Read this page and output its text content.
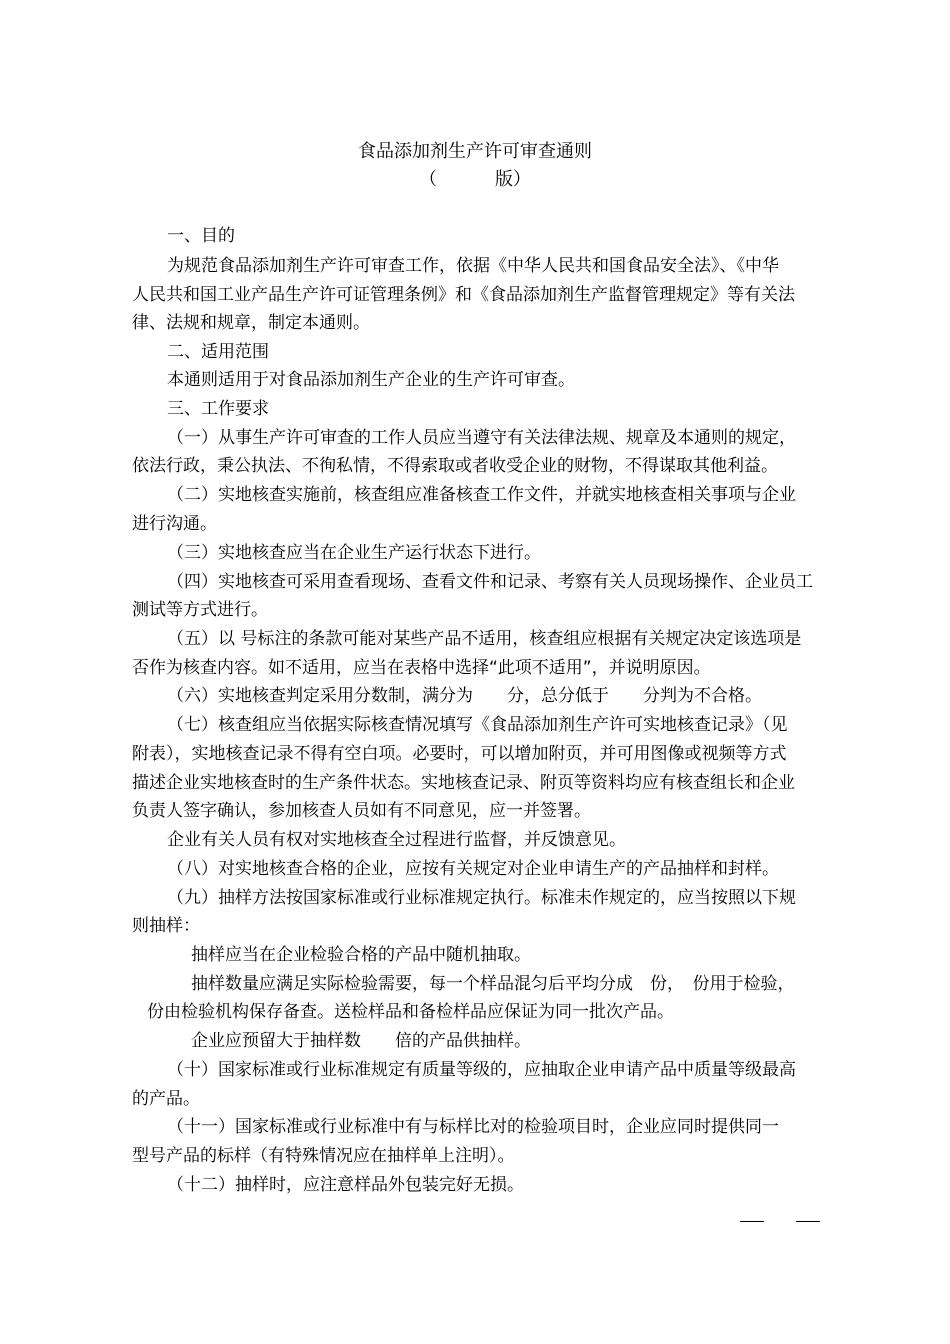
食品添加剂生产许可审查通则
（	版）
一、目的
为规范食品添加剂生产许可审查工作，依据《中华人民共和国食品安全法》、《中华
人民共和国工业产品生产许可证管理条例》和《食品添加剂生产监督管理规定》等有关法
律、法规和规章，制定本通则。
二、适用范围
本通则适用于对食品添加剂生产企业的生产许可审查。
三、工作要求
（一）从事生产许可审查的工作人员应当遵守有关法律法规、规章及本通则的规定，
依法行政，秉公执法、不徇私情，不得索取或者收受企业的财物，不得谋取其他利益。
（二）实地核查实施前，核查组应准备核查工作文件，并就实地核查相关事项与企业
进行沟通。
（三）实地核查应当在企业生产运行状态下进行。
（四）实地核查可采用查看现场、查看文件和记录、考察有关人员现场操作、企业员工
测试等方式进行。
（五）以 号标注的条款可能对某些产品不适用，核查组应根据有关规定决定该选项是
否作为核查内容。如不适用，应当在表格中选择“此项不适用”，并说明原因。
（六）实地核查判定采用分数制，满分为　　分，总分低于　　分判为不合格。
（七）核查组应当依据实际核查情况填写《食品添加剂生产许可实地核查记录》（见
附表），实地核查记录不得有空白项。必要时，可以增加附页，并可用图像或视频等方式
描述企业实地核查时的生产条件状态。实地核查记录、附页等资料均应有核查组长和企业
负责人签字确认，参加核查人员如有不同意见，应一并签署。
企业有关人员有权对实地核查全过程进行监督，并反馈意见。
（八）对实地核查合格的企业，应按有关规定对企业申请生产的产品抽样和封样。
（九）抽样方法按国家标准或行业标准规定执行。标准未作规定的，应当按照以下规
则抽样：
抽样应当在企业检验合格的产品中随机抽取。
抽样数量应满足实际检验需要，每一个样品混匀后平均分成　份，　份用于检验，
份由检验机构保存备查。送检样品和备检样品应保证为同一批次产品。
企业应预留大于抽样数　　倍的产品供抽样。
（十）国家标准或行业标准规定有质量等级的，应抽取企业申请产品中质量等级最高
的产品。
（十一）国家标准或行业标准中有与标样比对的检验项目时，企业应同时提供同一
型号产品的标样（有特殊情况应在抽样单上注明）。
（十二）抽样时，应注意样品外包装完好无损。
